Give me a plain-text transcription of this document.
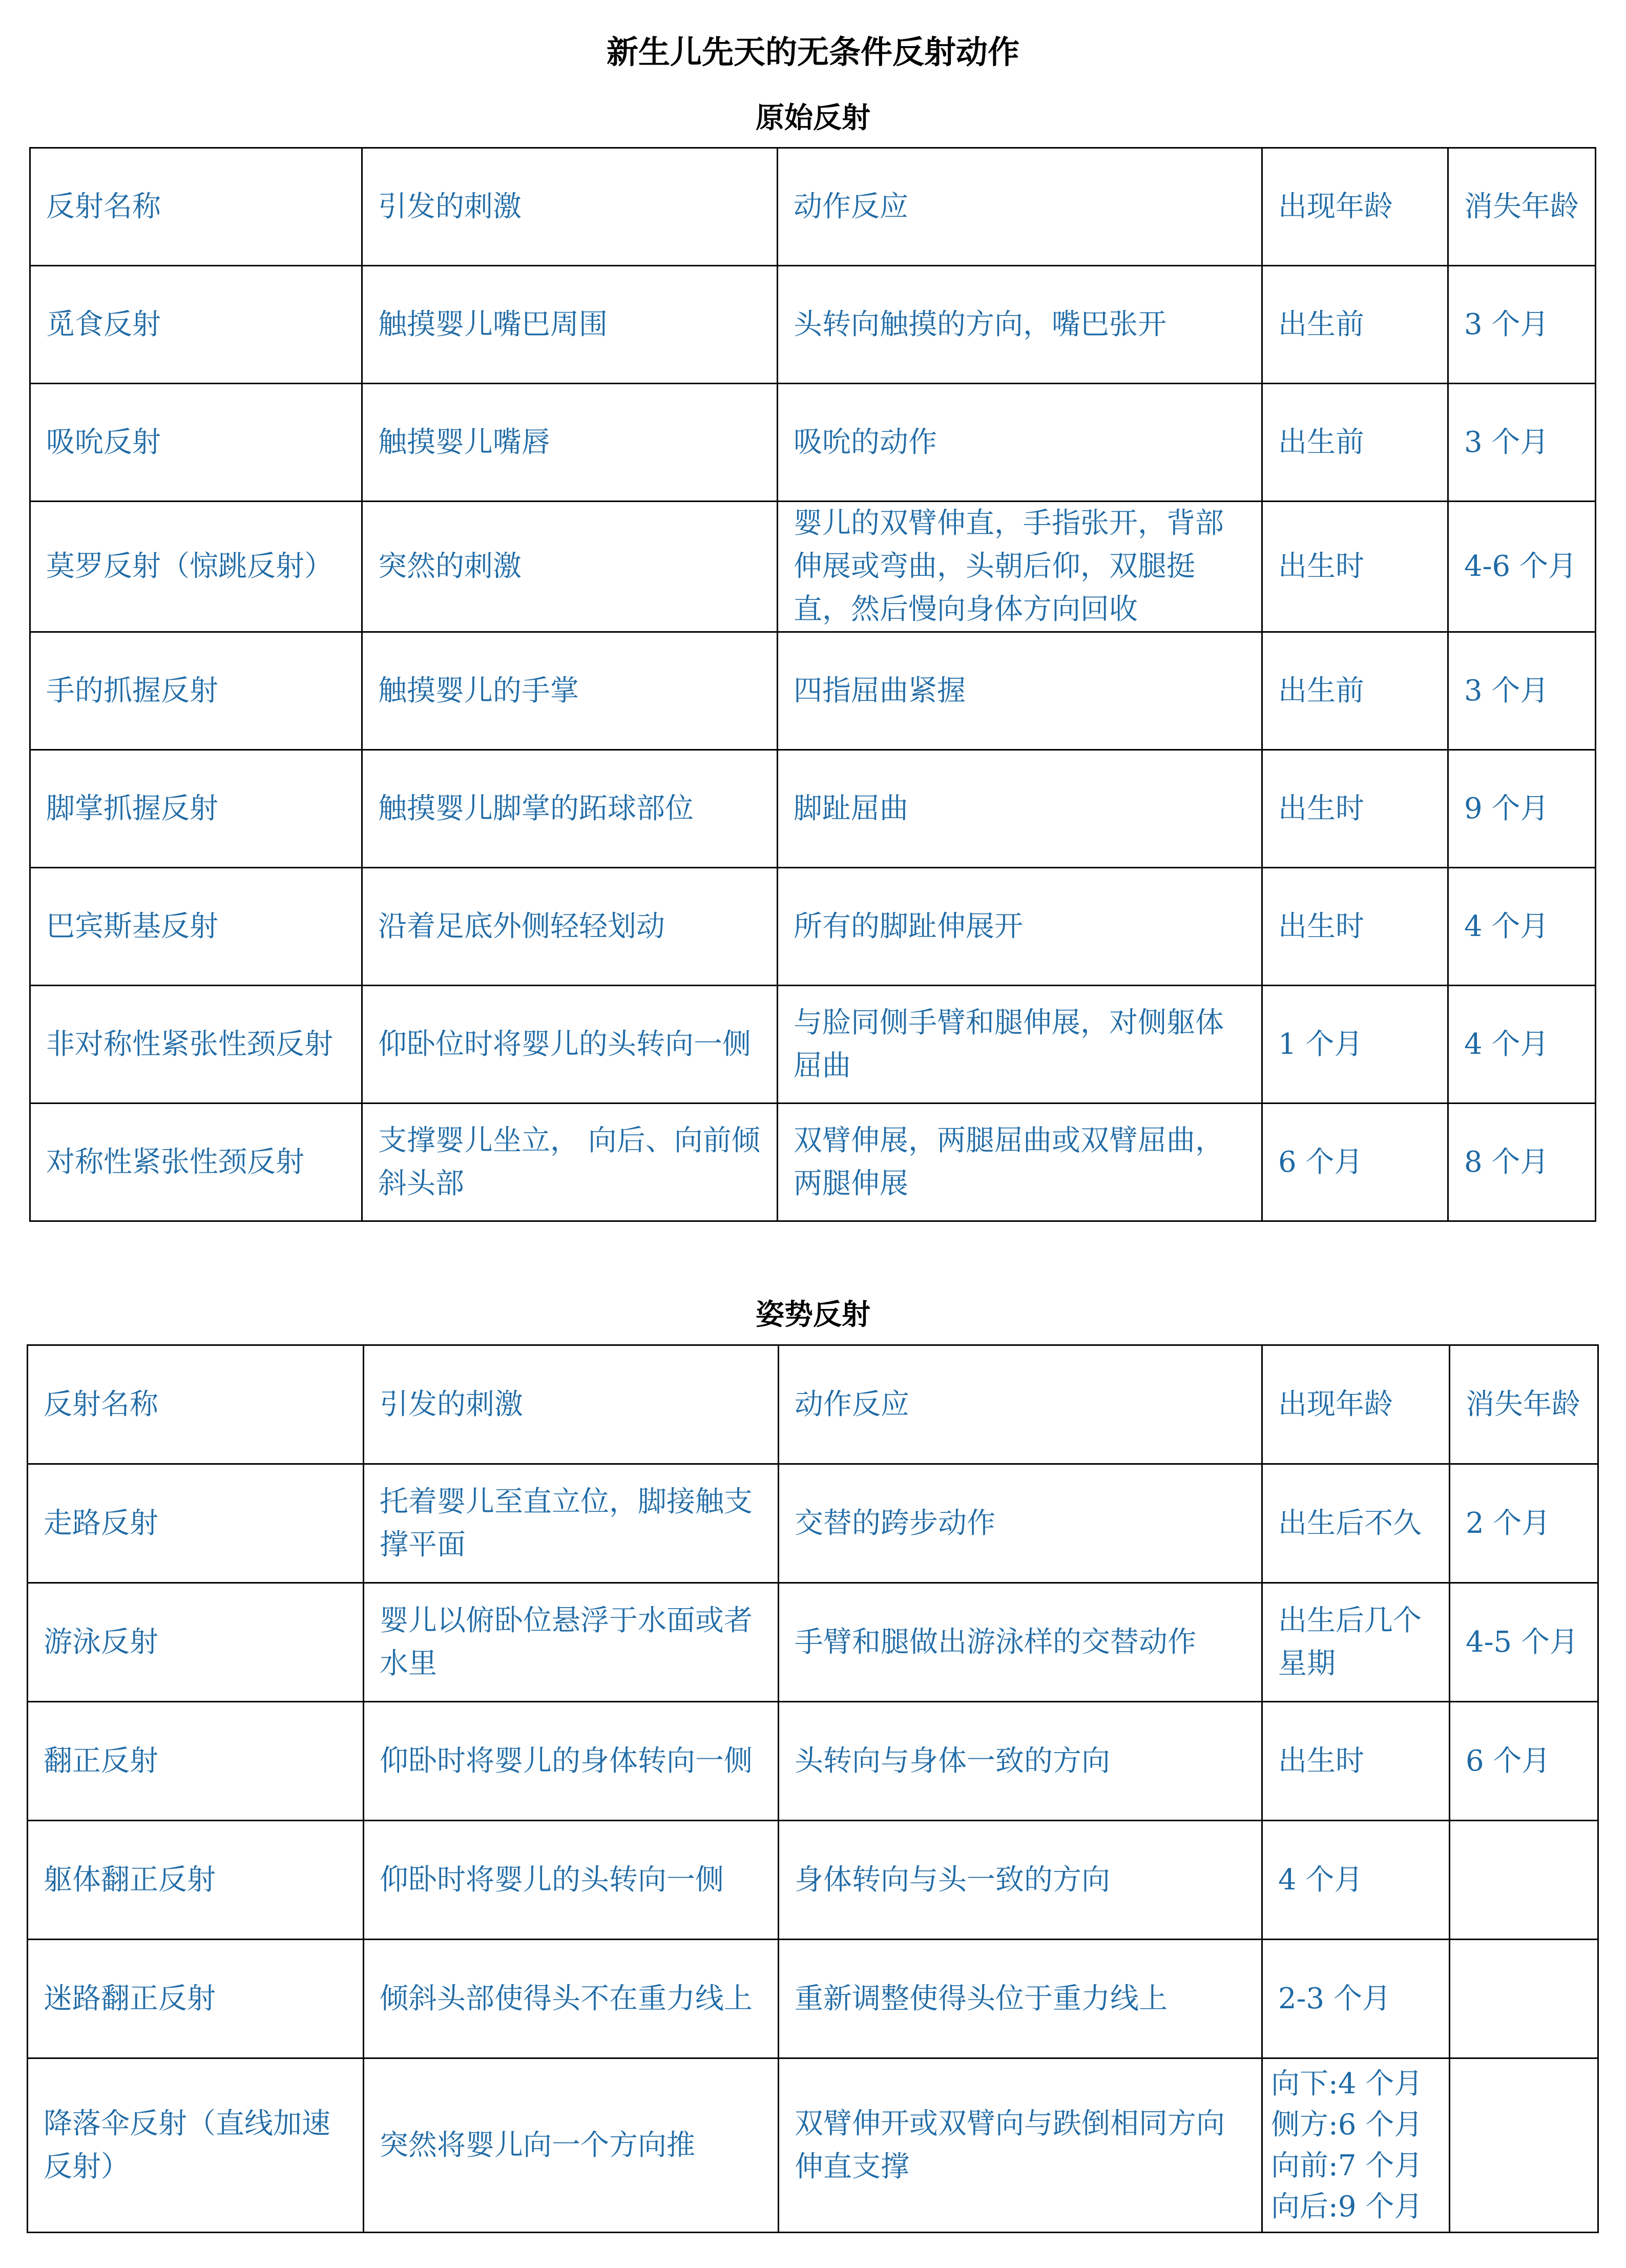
新生儿先天的无条件反射动作
原始反射
反射名称	引发的刺激	动作反应	出现年龄	消失年龄
觅食反射	触摸婴儿嘴巴周围	头转向触摸的方向，嘴巴张开	出生前	3 个月
吸吮反射	触摸婴儿嘴唇	吸吮的动作	出生前	3 个月
莫罗反射（惊跳反射）	突然的刺激	婴儿的双臂伸直，手指张开，背部伸展或弯曲，头朝后仰，双腿挺直，然后慢向身体方向回收	出生时	4-6 个月
手的抓握反射	触摸婴儿的手掌	四指屈曲紧握	出生前	3 个月
脚掌抓握反射	触摸婴儿脚掌的跖球部位	脚趾屈曲	出生时	9 个月
巴宾斯基反射	沿着足底外侧轻轻划动	所有的脚趾伸展开	出生时	4 个月
非对称性紧张性颈反射	仰卧位时将婴儿的头转向一侧	与脸同侧手臂和腿伸展，对侧躯体屈曲	1 个月	4 个月
对称性紧张性颈反射	支撑婴儿坐立， 向后、向前倾斜头部	双臂伸展，两腿屈曲或双臂屈曲，两腿伸展	6 个月	8 个月
姿势反射
反射名称	引发的刺激	动作反应	出现年龄	消失年龄
走路反射	托着婴儿至直立位，脚接触支撑平面	交替的跨步动作	出生后不久	2 个月
游泳反射	婴儿以俯卧位悬浮于水面或者水里	手臂和腿做出游泳样的交替动作	出生后几个星期	4-5 个月
翻正反射	仰卧时将婴儿的身体转向一侧	头转向与身体一致的方向	出生时	6 个月
躯体翻正反射	仰卧时将婴儿的头转向一侧	身体转向与头一致的方向	4 个月	
迷路翻正反射	倾斜头部使得头不在重力线上	重新调整使得头位于重力线上	2-3 个月	
降落伞反射（直线加速反射）	突然将婴儿向一个方向推	双臂伸开或双臂向与跌倒相同方向伸直支撑	向下:4 个月 侧方:6 个月 向前:7 个月 向后:9 个月	
